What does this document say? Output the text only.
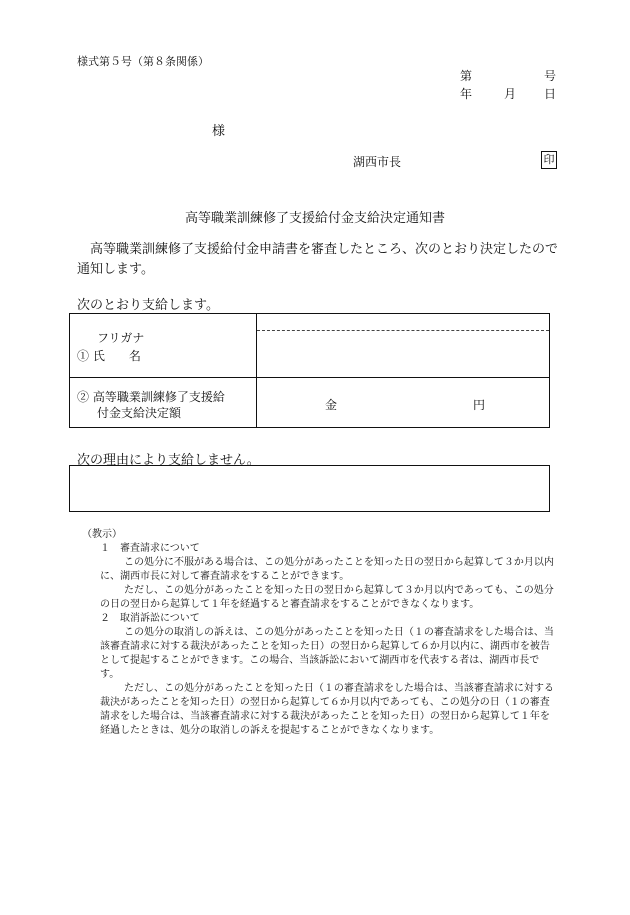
様式第５号（第８条関係）
第	号
年	月 日
様
湖西市長	印
高等職業訓練修了支援給付金支給決定通知書
高等職業訓練修了支援給付金申請書を審査したところ、次のとおり決定したので通知します。
次のとおり支給します。
フリガナ
① 氏　　名	

② 高等職業訓練修了支援給
付金支給決定額	金 円
次の理由により支給しません。

（教示）

１　審査請求について

この処分に不服がある場合は、この処分があったことを知った日の翌日から起算して３か月以内に、湖西市長に対して審査請求をすることができます。

ただし、この処分があったことを知った日の翌日から起算して３か月以内であっても、この処分の日の翌日から起算して１年を経過すると審査請求をすることができなくなります。

２　取消訴訟について

この処分の取消しの訴えは、この処分があったことを知った日（１の審査請求をした場合は、当該審査請求に対する裁決があったことを知った日）の翌日から起算して６か月以内に、湖西市を被告として提起することができます。この場合、当該訴訟において湖西市を代表する者は、湖西市長です。

ただし、この処分があったことを知った日（１の審査請求をした場合は、当該審査請求に対する裁決があったことを知った日）の翌日から起算して６か月以内であっても、この処分の日（１の審査請求をした場合は、当該審査請求に対する裁決があったことを知った日）の翌日から起算して１年を経過したときは、処分の取消しの訴えを提起することができなくなります。
